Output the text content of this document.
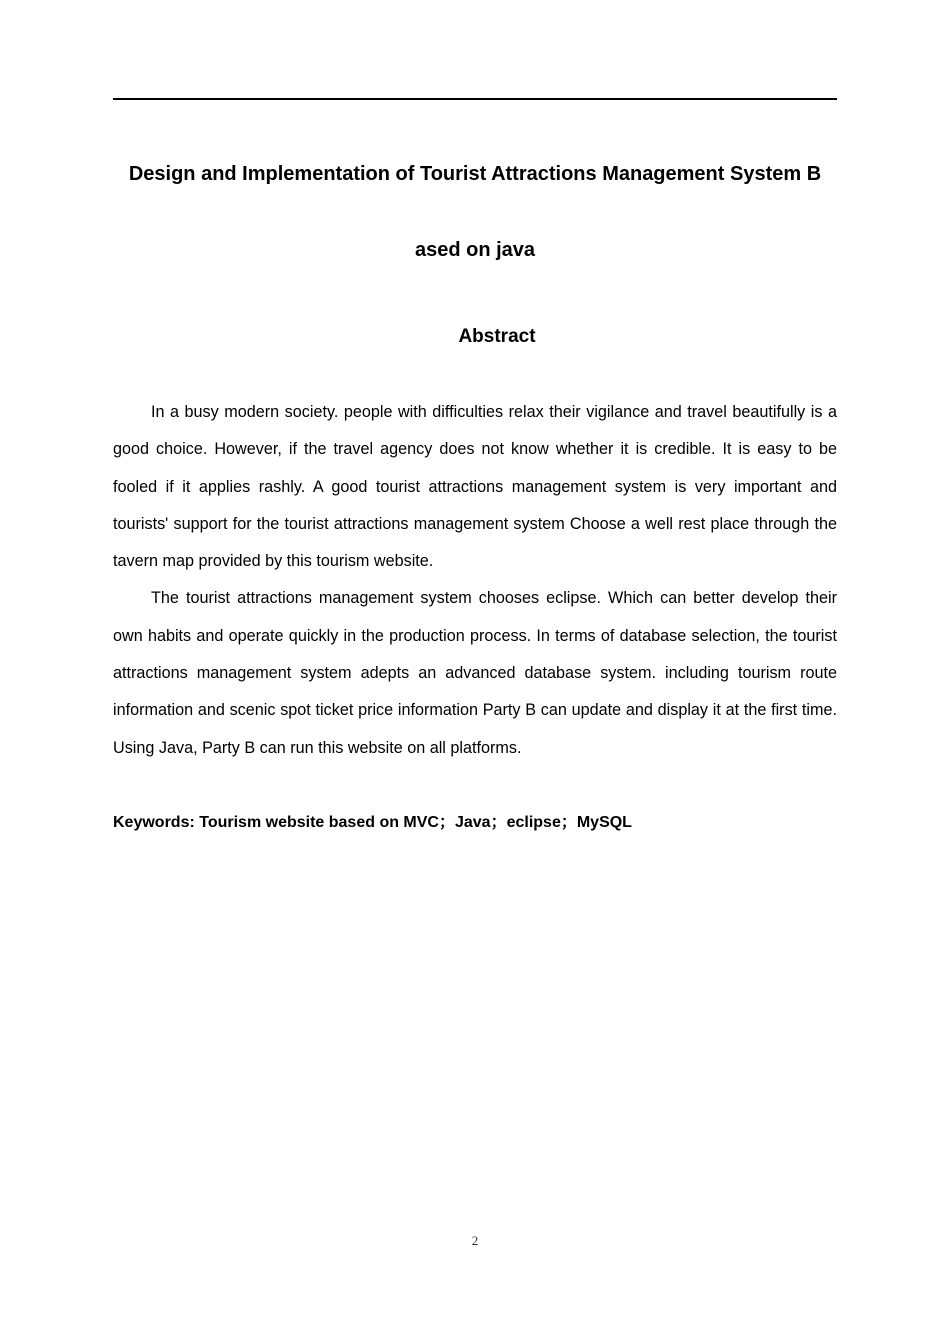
Design and Implementation of Tourist Attractions Management System B
ased on java
Abstract

In a busy modern society. people with difficulties relax their vigilance and travel beautifully is a good choice. However, if the travel agency does not know whether it is credible. It is easy to be fooled if it applies rashly. A good tourist attractions management system is very important and tourists' support for the tourist attractions management system Choose a well rest place through the tavern map provided by this tourism website.

The tourist attractions management system chooses eclipse. Which can better develop their own habits and operate quickly in the production process. In terms of database selection, the tourist attractions management system adepts an advanced database system. including tourism route information and scenic spot ticket price information Party B can update and display it at the first time. Using Java, Party B can run this website on all platforms.

Keywords: Tourism website based on MVC；Java；eclipse；MySQL

2
